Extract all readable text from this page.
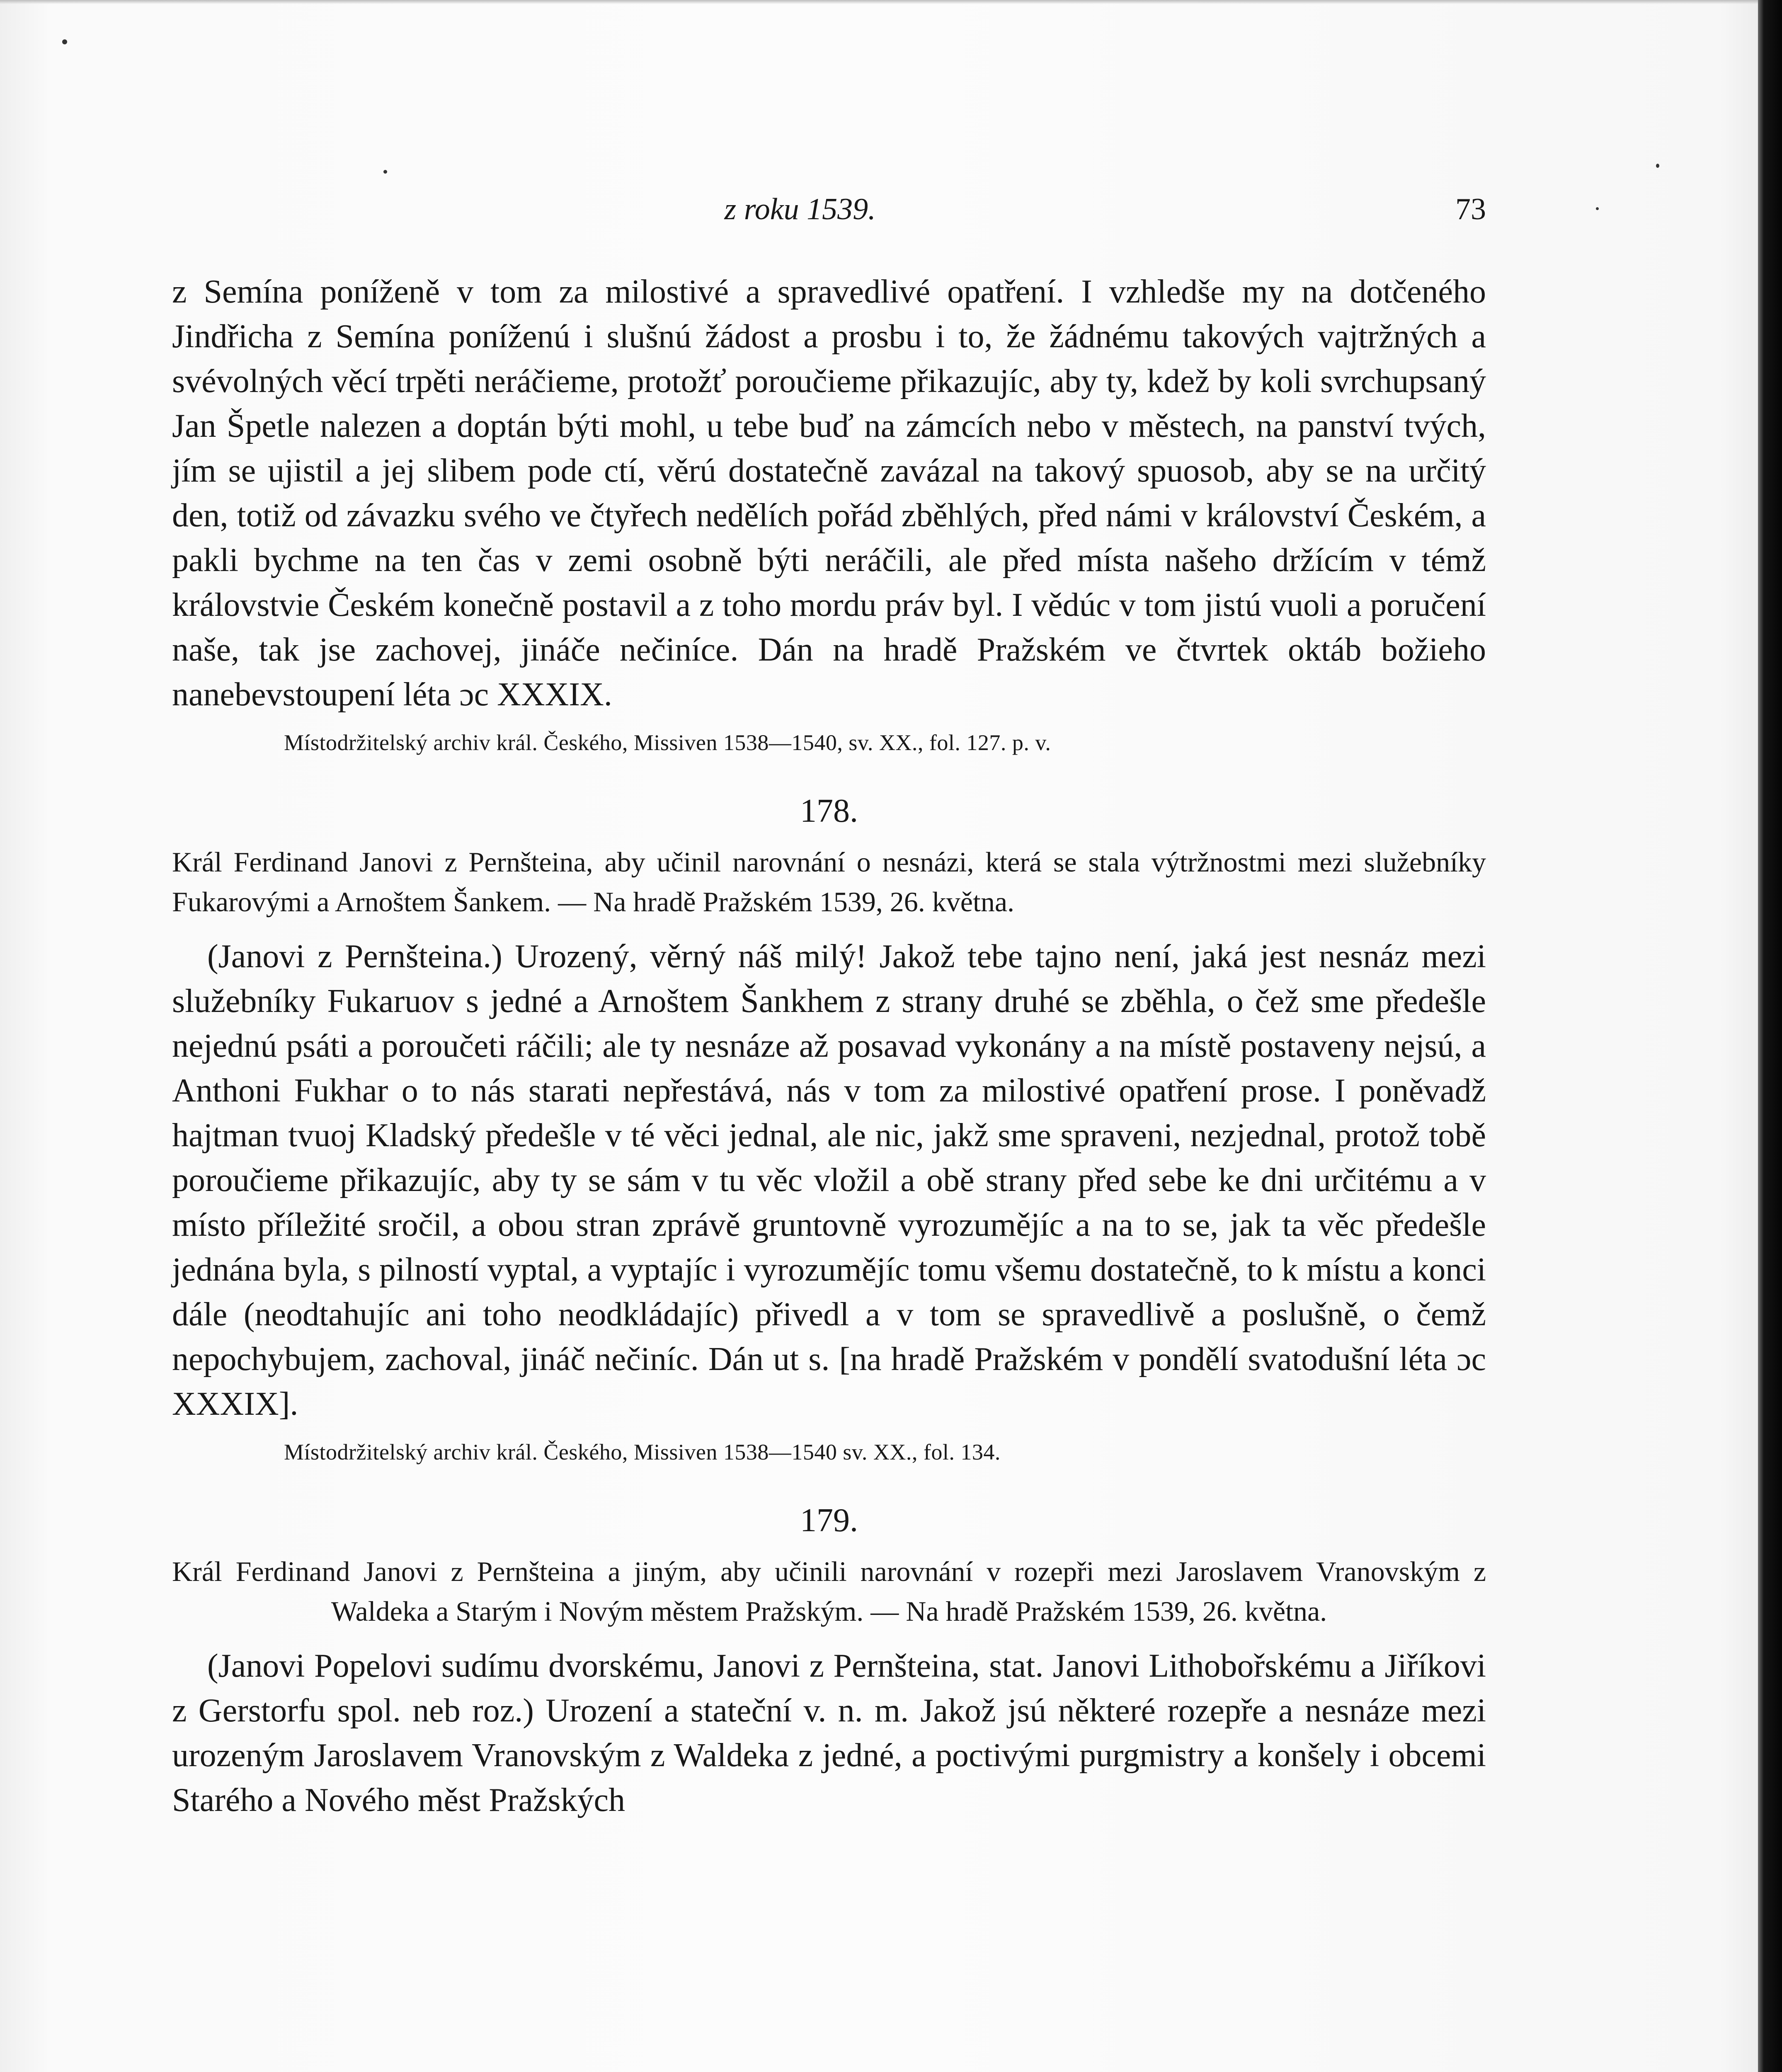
z roku 1539.	73

z Semína poníženě v tom za milostivé a spravedlivé opatření. I vzhledše my na dotčeného Jindřicha z Semína poníženú i slušnú žádost a prosbu i to, že žádnému takových vajtržných a svévolných věcí trpěti neráčieme, protožť poroučieme přikazujíc, aby ty, kdež by koli svrchupsaný Jan Špetle nalezen a doptán býti mohl, u tebe buď na zámcích nebo v městech, na panství tvých, jím se ujistil a jej slibem pode ctí, věrú dostatečně zavázal na takový spuosob, aby se na určitý den, totiž od závazku svého ve čtyřech nedělích pořád zběhlých, před námi v království Českém, a pakli bychme na ten čas v zemi osobně býti neráčili, ale před místa našeho držícím v témž královstvie Českém konečně postavil a z toho mordu práv byl. I vědúc v tom jistú vuoli a poručení naše, tak jse zachovej, jináče nečiníce. Dán na hradě Pražském ve čtvrtek oktáb božieho nanebevstoupení léta ɔc XXXIX.

Místodržitelský archiv král. Českého, Missiven 1538—1540, sv. XX., fol. 127. p. v.

178.

Král Ferdinand Janovi z Pernšteina, aby učinil narovnání o nesnázi, která se stala výtržnostmi mezi služebníky Fukarovými a Arnoštem Šankem. — Na hradě Pražském 1539, 26. května.

(Janovi z Pernšteina.) Urozený, věrný náš milý! Jakož tebe tajno není, jaká jest nesnáz mezi služebníky Fukaruov s jedné a Arnoštem Šankhem z strany druhé se zběhla, o čež sme předešle nejednú psáti a poroučeti ráčili; ale ty nesnáze až posavad vykonány a na místě postaveny nejsú, a Anthoni Fukhar o to nás starati nepřestává, nás v tom za milostivé opatření prose. I poněvadž hajtman tvuoj Kladský předešle v té věci jednal, ale nic, jakž sme spraveni, nezjednal, protož tobě poroučieme přikazujíc, aby ty se sám v tu věc vložil a obě strany před sebe ke dni určitému a v místo příležité sročil, a obou stran zprávě gruntovně vyrozumějíc a na to se, jak ta věc předešle jednána byla, s pilností vyptal, a vyptajíc i vyrozumějíc tomu všemu dostatečně, to k místu a konci dále (neodtahujíc ani toho neodkládajíc) přivedl a v tom se spravedlivě a poslušně, o čemž nepochybujem, zachoval, jináč nečiníc. Dán ut s. [na hradě Pražském v pondělí svatodušní léta ɔc XXXIX].

Místodržitelský archiv král. Českého, Missiven 1538—1540 sv. XX., fol. 134.

179.

Král Ferdinand Janovi z Pernšteina a jiným, aby učinili narovnání v rozepři mezi Jaroslavem Vranovským z Waldeka a Starým i Novým městem Pražským. — Na hradě Pražském 1539, 26. května.

(Janovi Popelovi sudímu dvorskému, Janovi z Pernšteina, stat. Janovi Lithobořskému a Jiříkovi z Gerstorfu spol. neb roz.) Urození a stateční v. n. m. Jakož jsú některé rozepře a nesnáze mezi urozeným Jaroslavem Vranovským z Waldeka z jedné, a poctivými purgmistry a konšely i obcemi Starého a Nového měst Pražských
